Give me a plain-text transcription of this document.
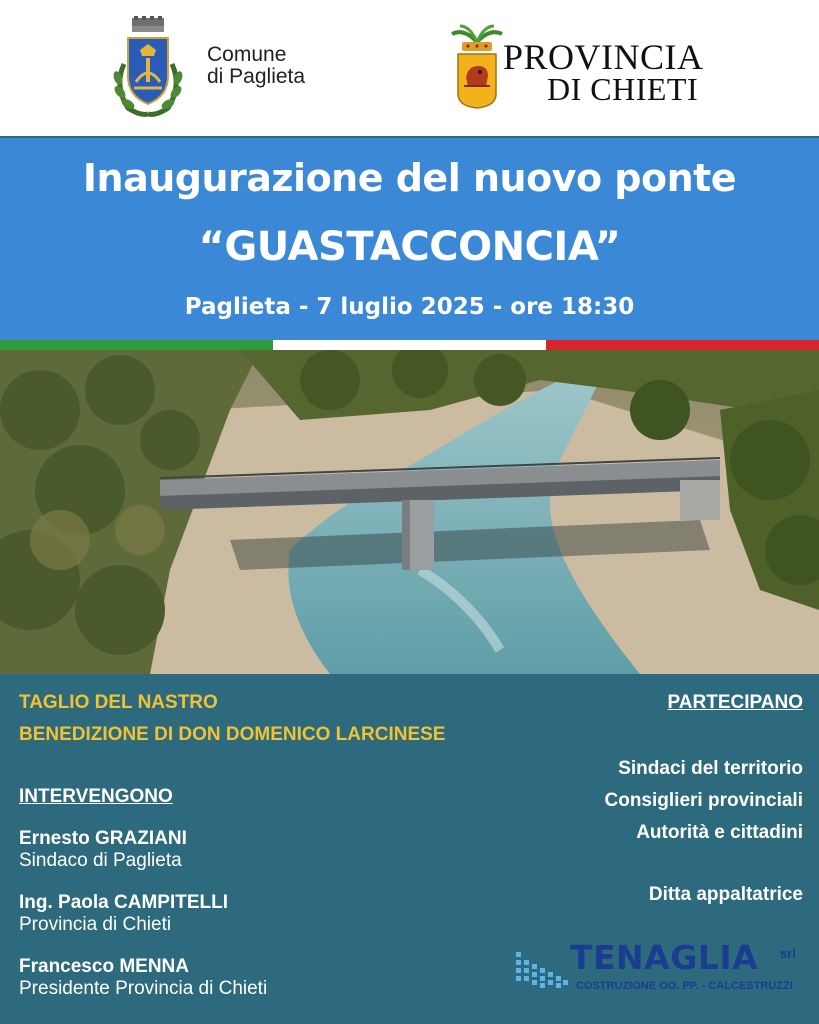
Comune
di Paglieta	PROVINCIA
DI CHIETI
Inaugurazione del nuovo ponte
“GUASTACCONCIA”
Paglieta - 7 luglio 2025 - ore 18:30
TAGLIO DEL NASTRO
BENEDIZIONE DI DON DOMENICO LARCINESE
INTERVENGONO
Ernesto GRAZIANI
Sindaco di Paglieta
Ing. Paola CAMPITELLI
Provincia di Chieti
Francesco MENNA
Presidente Provincia di Chieti
PARTECIPANO
Sindaci del territorio
Consiglieri provinciali
Autorità e cittadini
Ditta appaltatrice
TENAGLIA srl
COSTRUZIONE OO. PP. - CALCESTRUZZI
